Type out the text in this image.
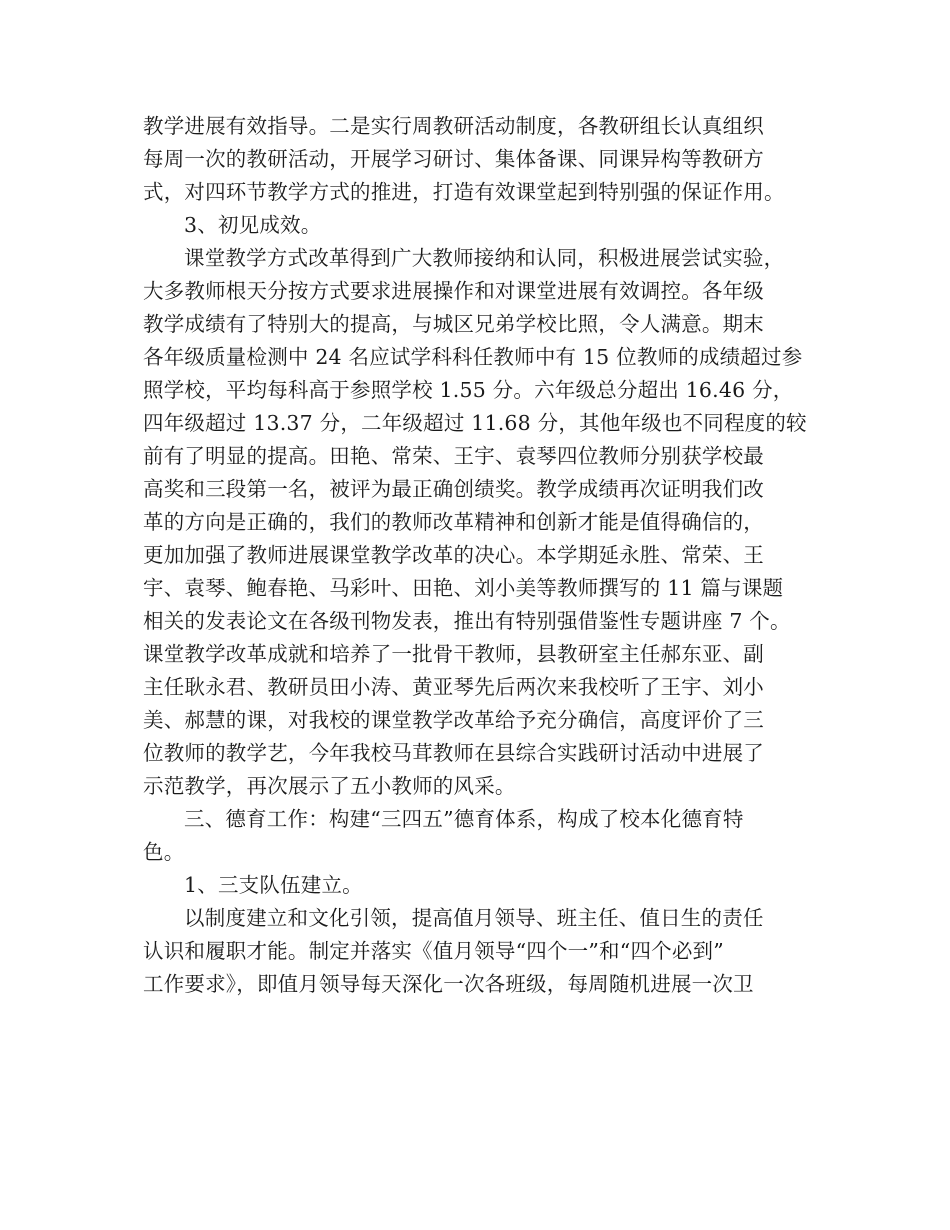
教学进展有效指导。二是实行周教研活动制度，各教研组长认真组织
每周一次的教研活动，开展学习研讨、集体备课、同课异构等教研方
式，对四环节教学方式的推进，打造有效课堂起到特别强的保证作用。
3、初见成效。
课堂教学方式改革得到广大教师接纳和认同，积极进展尝试实验，
大多教师根天分按方式要求进展操作和对课堂进展有效调控。各年级
教学成绩有了特别大的提高，与城区兄弟学校比照，令人满意。期末
各年级质量检测中 24 名应试学科科任教师中有 15 位教师的成绩超过参
照学校，平均每科高于参照学校 1.55 分。六年级总分超出 16.46 分，
四年级超过 13.37 分，二年级超过 11.68 分，其他年级也不同程度的较
前有了明显的提高。田艳、常荣、王宇、袁琴四位教师分别获学校最
高奖和三段第一名，被评为最正确创绩奖。教学成绩再次证明我们改
革的方向是正确的，我们的教师改革精神和创新才能是值得确信的，
更加加强了教师进展课堂教学改革的决心。本学期延永胜、常荣、王
宇、袁琴、鲍春艳、马彩叶、田艳、刘小美等教师撰写的 11 篇与课题
相关的发表论文在各级刊物发表，推出有特别强借鉴性专题讲座 7 个。
课堂教学改革成就和培养了一批骨干教师，县教研室主任郝东亚、副
主任耿永君、教研员田小涛、黄亚琴先后两次来我校听了王宇、刘小
美、郝慧的课，对我校的课堂教学改革给予充分确信，高度评价了三
位教师的教学艺，今年我校马茸教师在县综合实践研讨活动中进展了
示范教学，再次展示了五小教师的风采。
三、德育工作：构建“三四五”德育体系，构成了校本化德育特
色。
1、三支队伍建立。
以制度建立和文化引领，提高值月领导、班主任、值日生的责任
认识和履职才能。制定并落实《值月领导“四个一”和“四个必到”
工作要求》，即值月领导每天深化一次各班级，每周随机进展一次卫
